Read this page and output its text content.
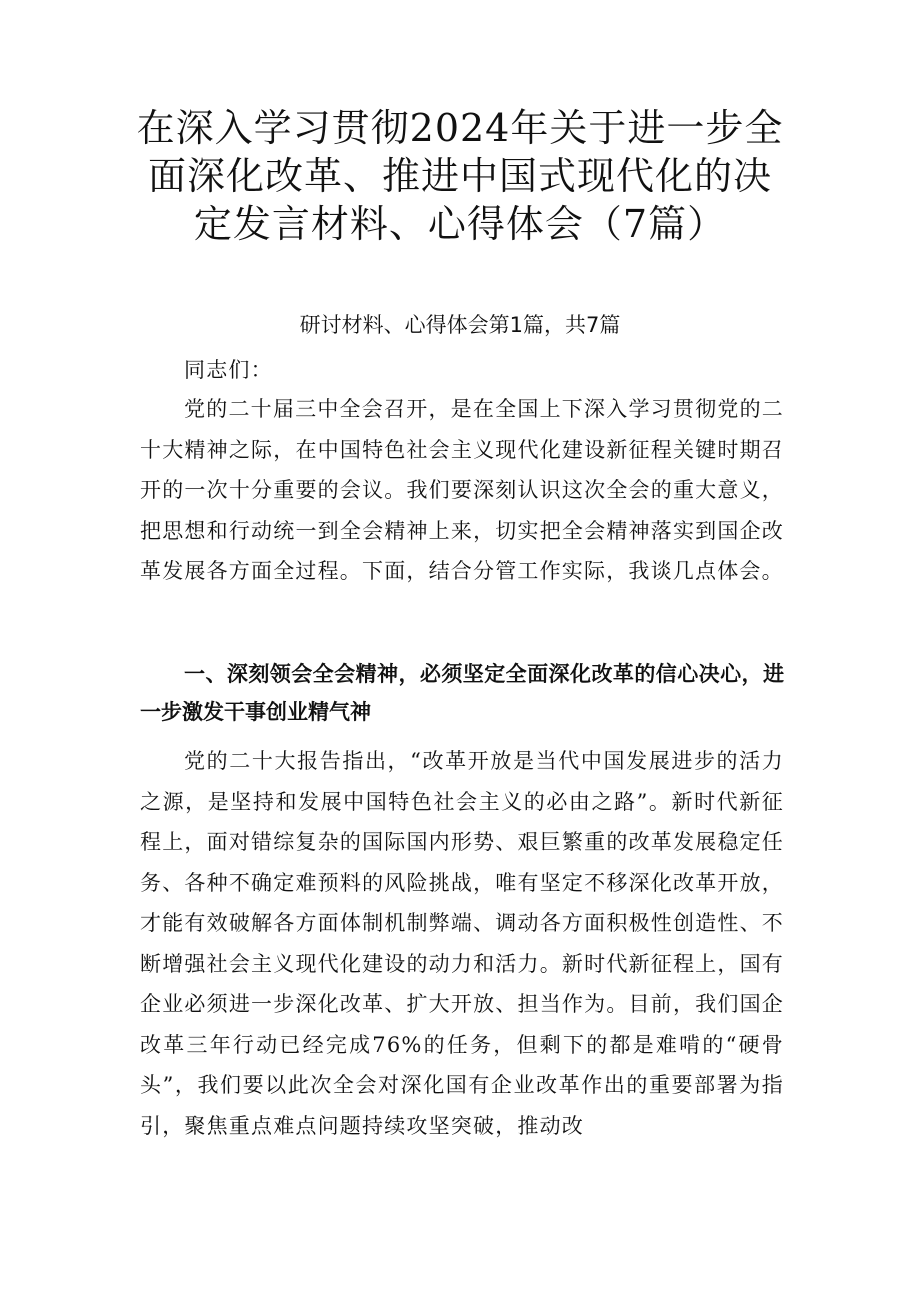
在深入学习贯彻2024年关于进一步全面深化改革、推进中国式现代化的决定发言材料、心得体会（7篇）
研讨材料、心得体会第1篇，共7篇

同志们：

党的二十届三中全会召开，是在全国上下深入学习贯彻党的二十大精神之际，在中国特色社会主义现代化建设新征程关键时期召开的一次十分重要的会议。我们要深刻认识这次全会的重大意义，把思想和行动统一到全会精神上来，切实把全会精神落实到国企改革发展各方面全过程。下面，结合分管工作实际，我谈几点体会。

一、深刻领会全会精神，必须坚定全面深化改革的信心决心，进一步激发干事创业精气神

党的二十大报告指出，“改革开放是当代中国发展进步的活力之源，是坚持和发展中国特色社会主义的必由之路”。新时代新征程上，面对错综复杂的国际国内形势、艰巨繁重的改革发展稳定任务、各种不确定难预料的风险挑战，唯有坚定不移深化改革开放，才能有效破解各方面体制机制弊端、调动各方面积极性创造性、不断增强社会主义现代化建设的动力和活力。新时代新征程上，国有企业必须进一步深化改革、扩大开放、担当作为。目前，我们国企改革三年行动已经完成76%的任务，但剩下的都是难啃的“硬骨头”，我们要以此次全会对深化国有企业改革作出的重要部署为指引，聚焦重点难点问题持续攻坚突破，推动改
